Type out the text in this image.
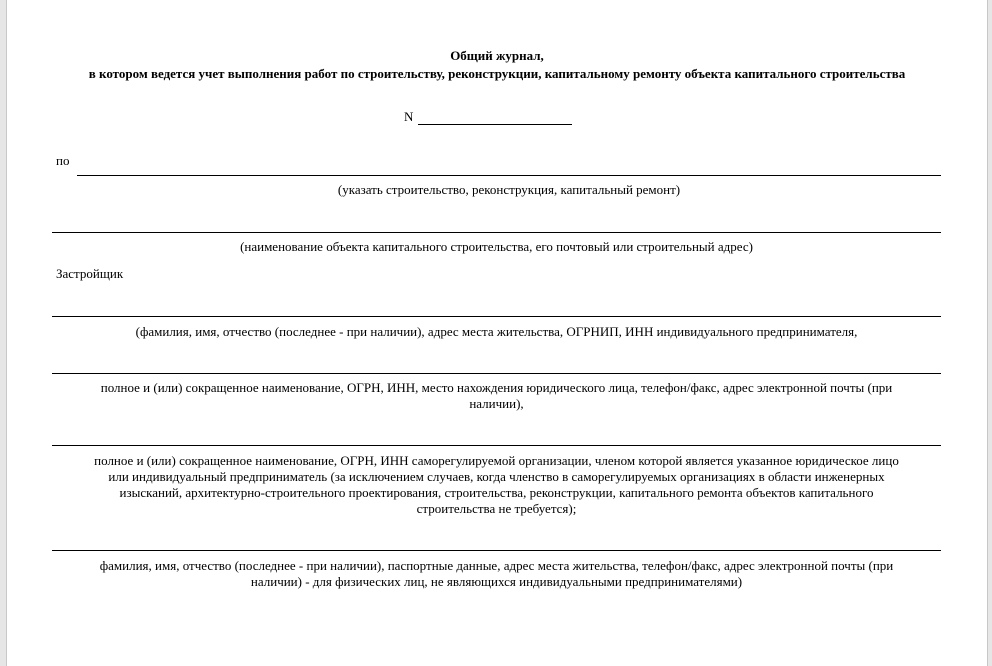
Общий журнал,
в котором ведется учет выполнения работ по строительству, реконструкции, капитальному ремонту объекта капитального строительства
N
по
(указать строительство, реконструкция, капитальный ремонт)
(наименование объекта капитального строительства, его почтовый или строительный адрес)
Застройщик
(фамилия, имя, отчество (последнее - при наличии), адрес места жительства, ОГРНИП, ИНН индивидуального предпринимателя,
полное и (или) сокращенное наименование, ОГРН, ИНН, место нахождения юридического лица, телефон/факс, адрес электронной почты (при
наличии),
полное и (или) сокращенное наименование, ОГРН, ИНН саморегулируемой организации, членом которой является указанное юридическое лицо
или индивидуальный предприниматель (за исключением случаев, когда членство в саморегулируемых организациях в области инженерных
изысканий, архитектурно-строительного проектирования, строительства, реконструкции, капитального ремонта объектов капитального
строительства не требуется);
фамилия, имя, отчество (последнее - при наличии), паспортные данные, адрес места жительства, телефон/факс, адрес электронной почты (при
наличии) - для физических лиц, не являющихся индивидуальными предпринимателями)
